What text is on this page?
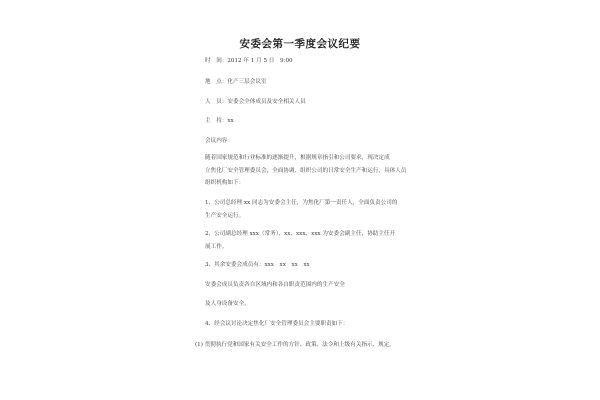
安委会第一季度会议纪要
时　间：2012 年 1 月 5 日　9:00
地　点：化产三层会议室
人　员：安委会全体成员及安全相关人员
主　持：xx
会议内容
随着国家规范和行业标准的逐渐提升，根据规章指引和公司要求，现决定成
立焦化厂安全管理委员会，全面协调、组织公司的日常安全生产和运行，具体人员
组织机构如下：
1、公司总经理 xx 同志为安委会主任，为焦化厂第一责任人，全面负责公司的
生产安全运行。
2、公司副总经理 xxx（常务）、xx、xxx、xxx 为安委会副主任，协助主任开
展工作。
3、其余安委会成员有：xxx　xx　xx　xx
安委会成员负责各自区域内和各自职责范围内的生产安全
及人身设备安全。
4、经会议讨论决定焦化厂安全管理委员会主要职责如下：
(1) 贯彻执行党和国家有关安全工作的方针、政策、法令和上级有关指示、规定。
